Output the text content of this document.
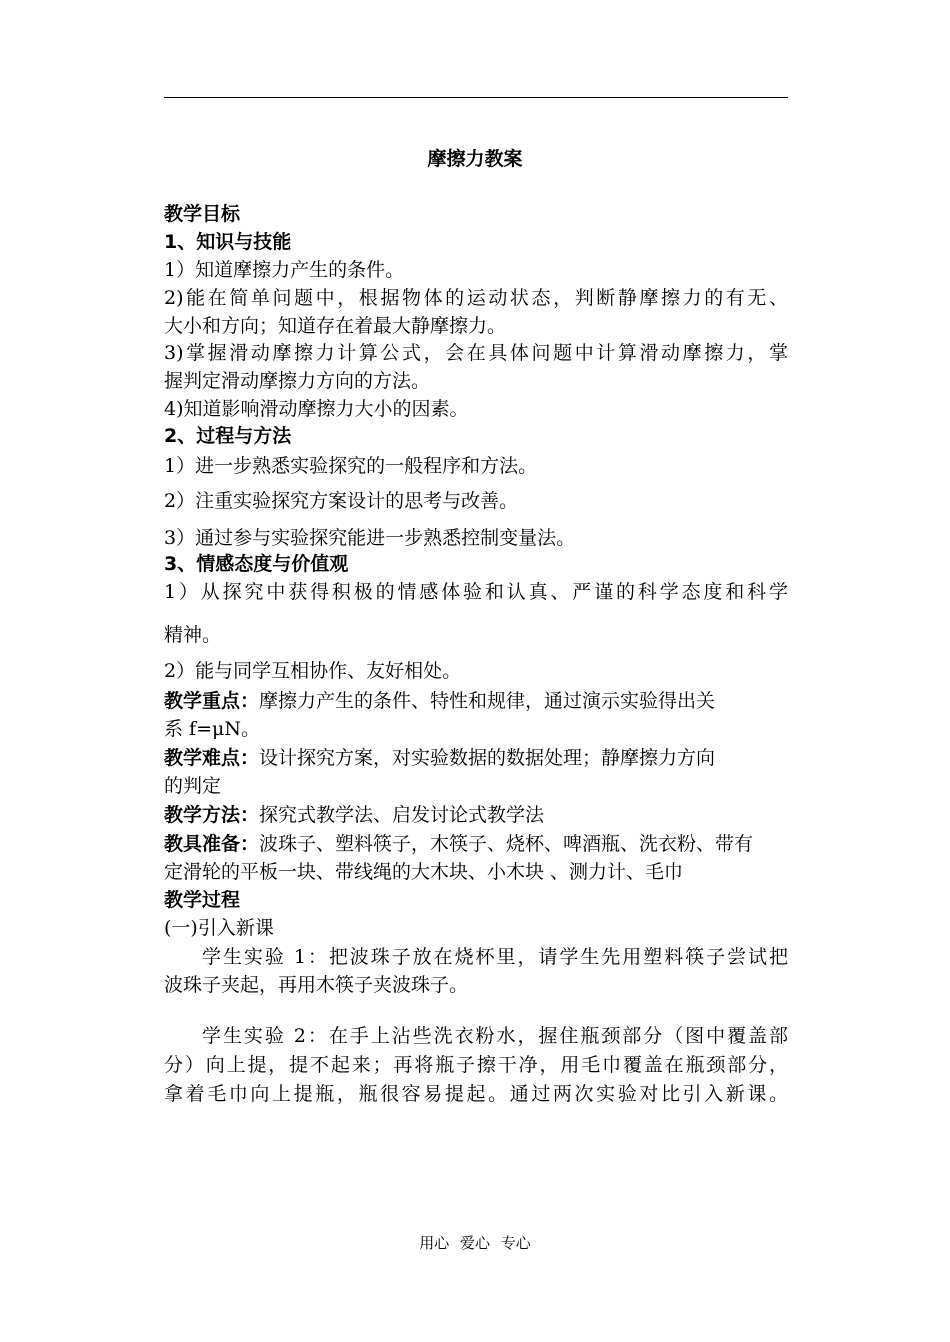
摩擦力教案
教学目标
1、知识与技能
1）知道摩擦力产生的条件。
2)能在简单问题中，根据物体的运动状态，判断静摩擦力的有无、
大小和方向；知道存在着最大静摩擦力。
3)掌握滑动摩擦力计算公式，会在具体问题中计算滑动摩擦力，掌
握判定滑动摩擦力方向的方法。
4)知道影响滑动摩擦力大小的因素。
2、过程与方法
1）进一步熟悉实验探究的一般程序和方法。
2）注重实验探究方案设计的思考与改善。
3）通过参与实验探究能进一步熟悉控制变量法。
3、情感态度与价值观
1）从探究中获得积极的情感体验和认真、严谨的科学态度和科学
精神。
2）能与同学互相协作、友好相处。
教学重点：摩擦力产生的条件、特性和规律，通过演示实验得出关
系 f=μN。
教学难点：设计探究方案，对实验数据的数据处理；静摩擦力方向
的判定
教学方法：探究式教学法、启发讨论式教学法
教具准备：波珠子、塑料筷子，木筷子、烧杯、啤酒瓶、洗衣粉、带有
定滑轮的平板一块、带线绳的大木块、小木块 、测力计、毛巾
教学过程
(一)引入新课
学生实验 1：把波珠子放在烧杯里，请学生先用塑料筷子尝试把
波珠子夹起，再用木筷子夹波珠子。
学生实验 2：在手上沾些洗衣粉水，握住瓶颈部分（图中覆盖部
分）向上提，提不起来；再将瓶子擦干净，用毛巾覆盖在瓶颈部分，
拿着毛巾向上提瓶，瓶很容易提起。通过两次实验对比引入新课。
用心 爱心 专心
